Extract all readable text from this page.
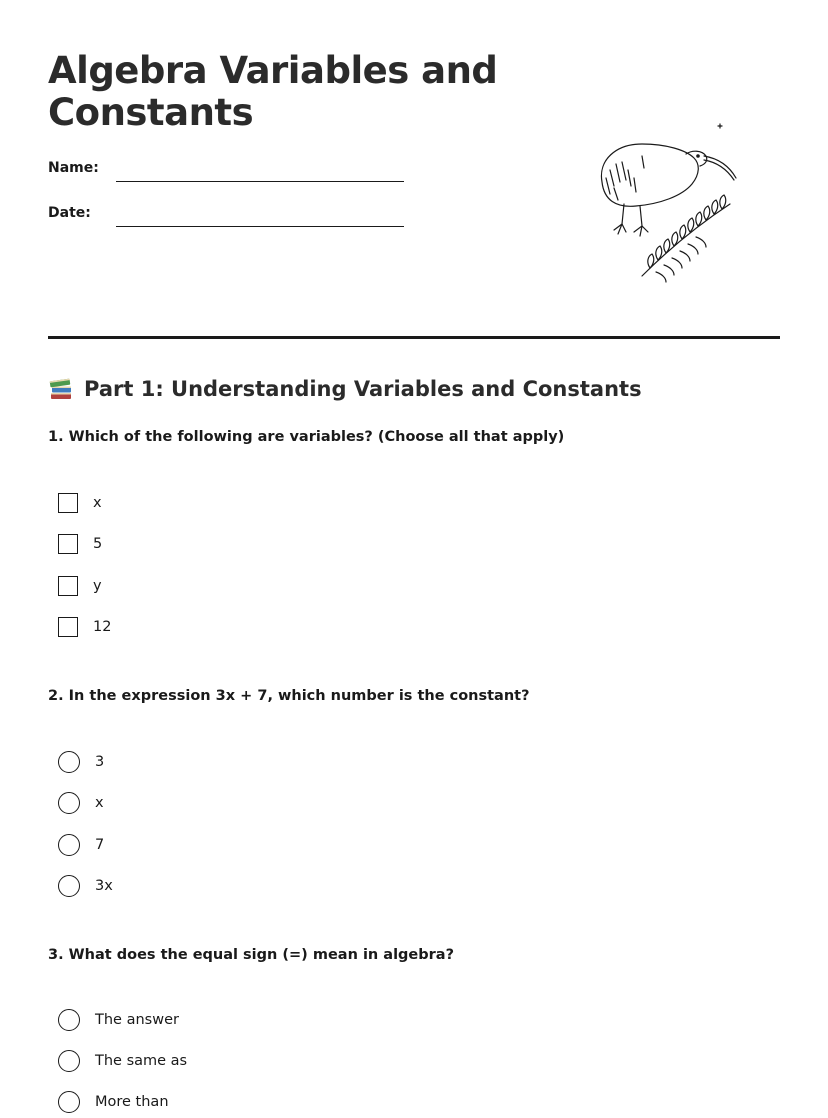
Algebra Variables and Constants
Name:
Date:
Part 1: Understanding Variables and Constants
1. Which of the following are variables? (Choose all that apply)
x
5
y
12
2. In the expression 3x + 7, which number is the constant?
3
x
7
3x
3. What does the equal sign (=) mean in algebra?
The answer
The same as
More than
